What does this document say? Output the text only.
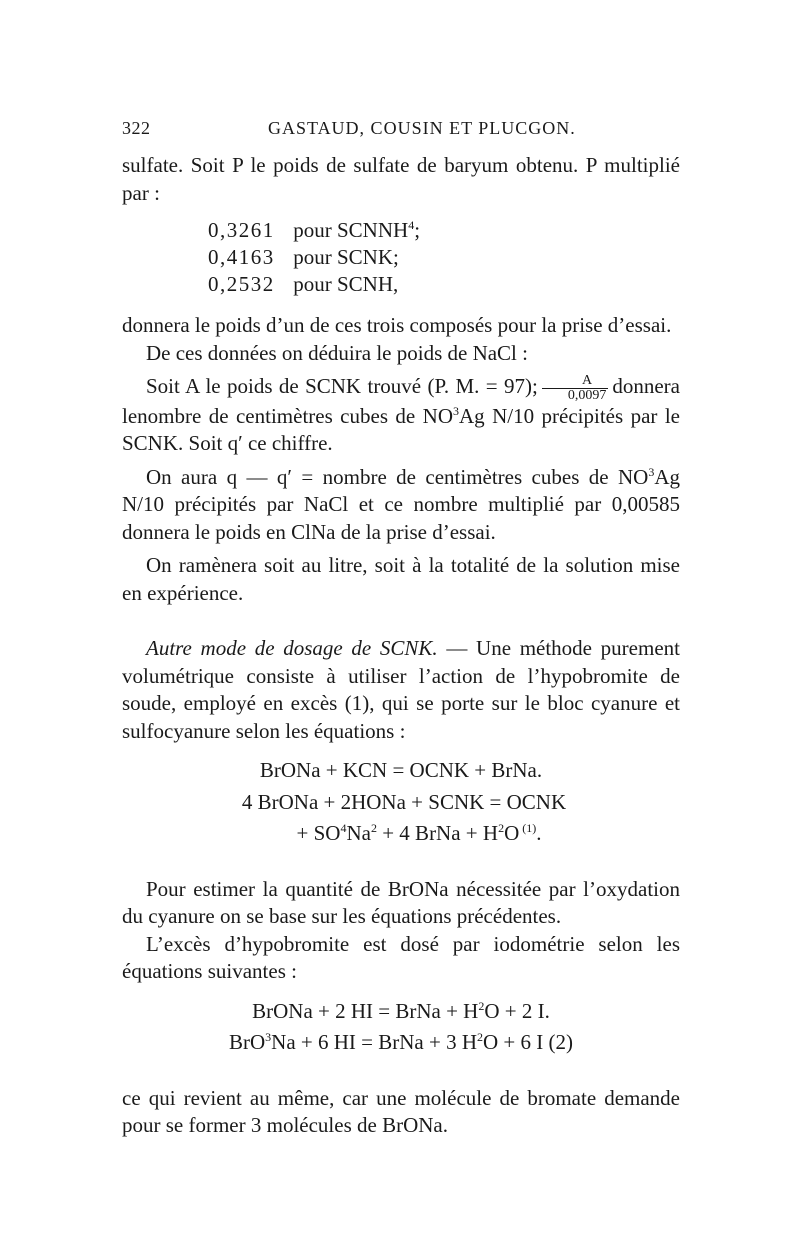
322	GASTAUD, COUSIN ET PLUCGON.

sulfate. Soit P le poids de sulfate de baryum obtenu. P multiplié par :

0,3261 pour SCNNH$^4$;
0,4163 pour SCNK;
0,2532 pour SCNH,

donnera le poids d’un de ces trois composés pour la prise d’essai.

De ces données on déduira le poids de NaCl :

Soit A le poids de SCNK trouvé (P. M. = 97); $\frac{A}{0,0097}$ donnera lenombre de centimètres cubes de $NO^3Ag$ N/10 précipités par le SCNK. Soit q′ ce chiffre.

On aura q — q′ = nombre de centimètres cubes de $NO^3Ag$ N/10 précipités par NaCl et ce nombre multiplié par 0,00585 donnera le poids en ClNa de la prise d’essai.

On ramènera soit au litre, soit à la totalité de la solution mise en expérience.

Autre mode de dosage de SCNK. — Une méthode purement volumétrique consiste à utiliser l’action de l’hypobromite de soude, employé en excès (1), qui se porte sur le bloc cyanure et sulfocyanure selon les équations :

BrONa + KCN = OCNK + BrNa.
4 BrONa + 2HONa + SCNK = OCNK
+ $SO^4Na^2 + 4$ BrNa + $H^2O$ $^{(1)}$.

Pour estimer la quantité de BrONa nécessitée par l’oxydation du cyanure on se base sur les équations précédentes.

L’excès d’hypobromite est dosé par iodométrie selon les équations suivantes :

BrONa + 2 HI = BrNa + $H^2O + 2$ I.
BrO$^3$Na + 6 HI = BrNa + 3 $H^2O + 6$ I (2)

ce qui revient au même, car une molécule de bromate demande pour se former 3 molécules de BrONa.
